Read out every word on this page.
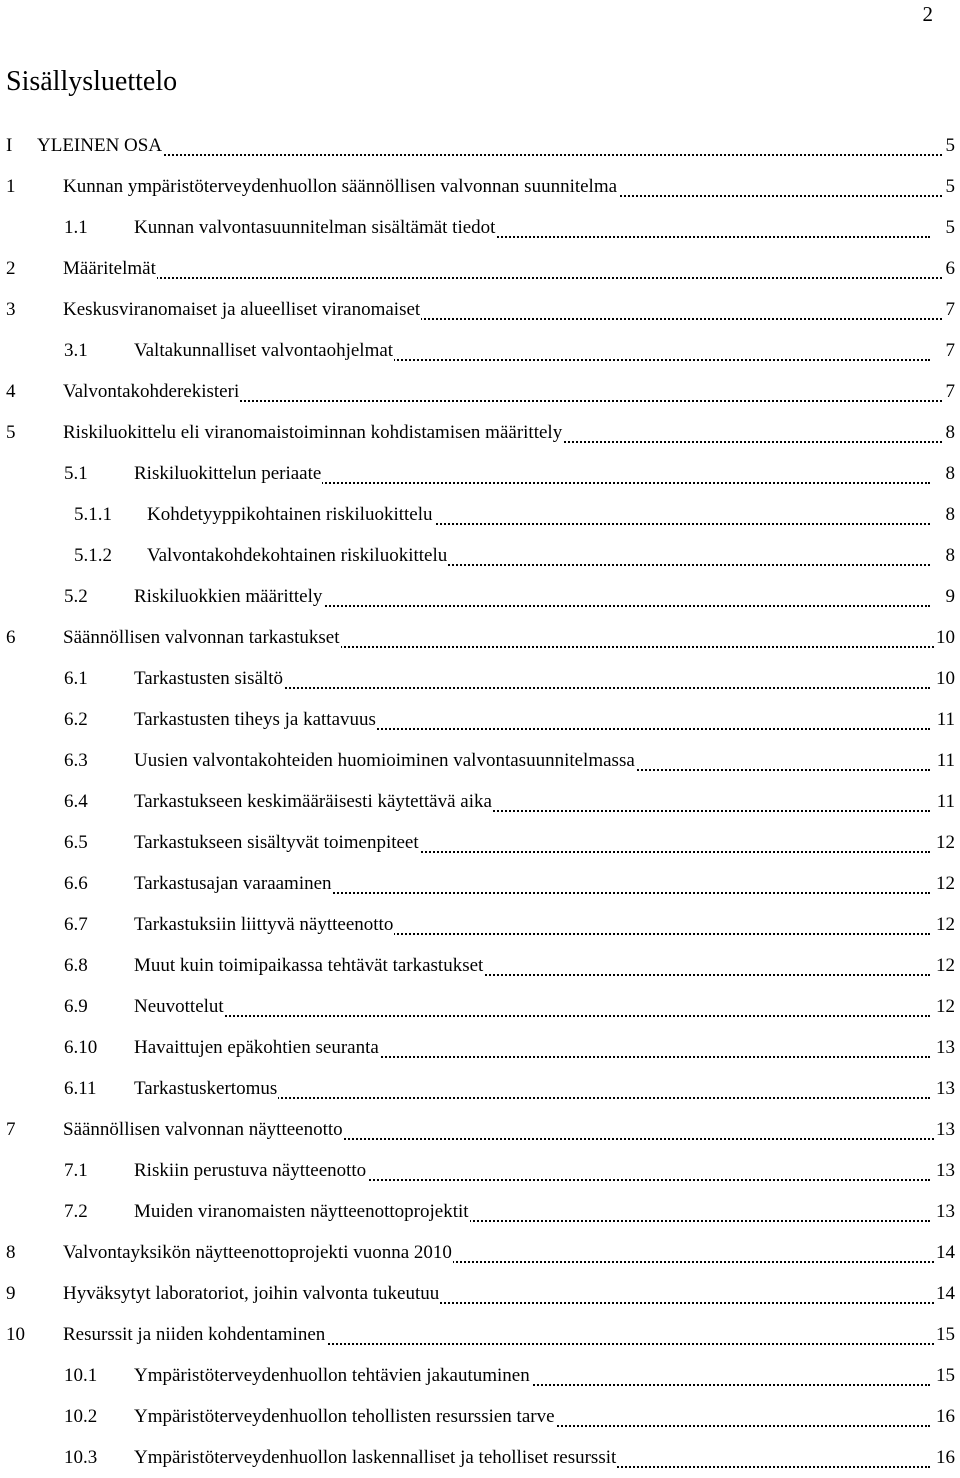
2
Sisällysluettelo
I YLEINEN OSA	5
1	Kunnan ympäristöterveydenhuollon säännöllisen valvonnan suunnitelma	5
1.1 Kunnan valvontasuunnitelman sisältämät tiedot	5
2	Määritelmät	6
3	Keskusviranomaiset ja alueelliset viranomaiset	7
3.1 Valtakunnalliset valvontaohjelmat	7
4	Valvontakohderekisteri	7
5	Riskiluokittelu eli viranomaistoiminnan kohdistamisen määrittely	8
5.1 Riskiluokittelun periaate	8
5.1.1 Kohdetyyppikohtainen riskiluokittelu	8
5.1.2 Valvontakohdekohtainen riskiluokittelu	8
5.2 Riskiluokkien määrittely	9
6	Säännöllisen valvonnan tarkastukset	10
6.1 Tarkastusten sisältö	10
6.2 Tarkastusten tiheys ja kattavuus	11
6.3 Uusien valvontakohteiden huomioiminen valvontasuunnitelmassa	11
6.4 Tarkastukseen keskimääräisesti käytettävä aika	11
6.5 Tarkastukseen sisältyvät toimenpiteet	12
6.6 Tarkastusajan varaaminen	12
6.7 Tarkastuksiin liittyvä näytteenotto	12
6.8 Muut kuin toimipaikassa tehtävät tarkastukset	12
6.9 Neuvottelut	12
6.10 Havaittujen epäkohtien seuranta	13
6.11 Tarkastuskertomus	13
7	Säännöllisen valvonnan näytteenotto	13
7.1 Riskiin perustuva näytteenotto	13
7.2 Muiden viranomaisten näytteenottoprojektit	13
8	Valvontayksikön näytteenottoprojekti vuonna 2010	14
9	Hyväksytyt laboratoriot, joihin valvonta tukeutuu	14
10 Resurssit ja niiden kohdentaminen	15
10.1 Ympäristöterveydenhuollon tehtävien jakautuminen	15
10.2 Ympäristöterveydenhuollon tehollisten resurssien tarve	16
10.3 Ympäristöterveydenhuollon laskennalliset ja teholliset resurssit	16
